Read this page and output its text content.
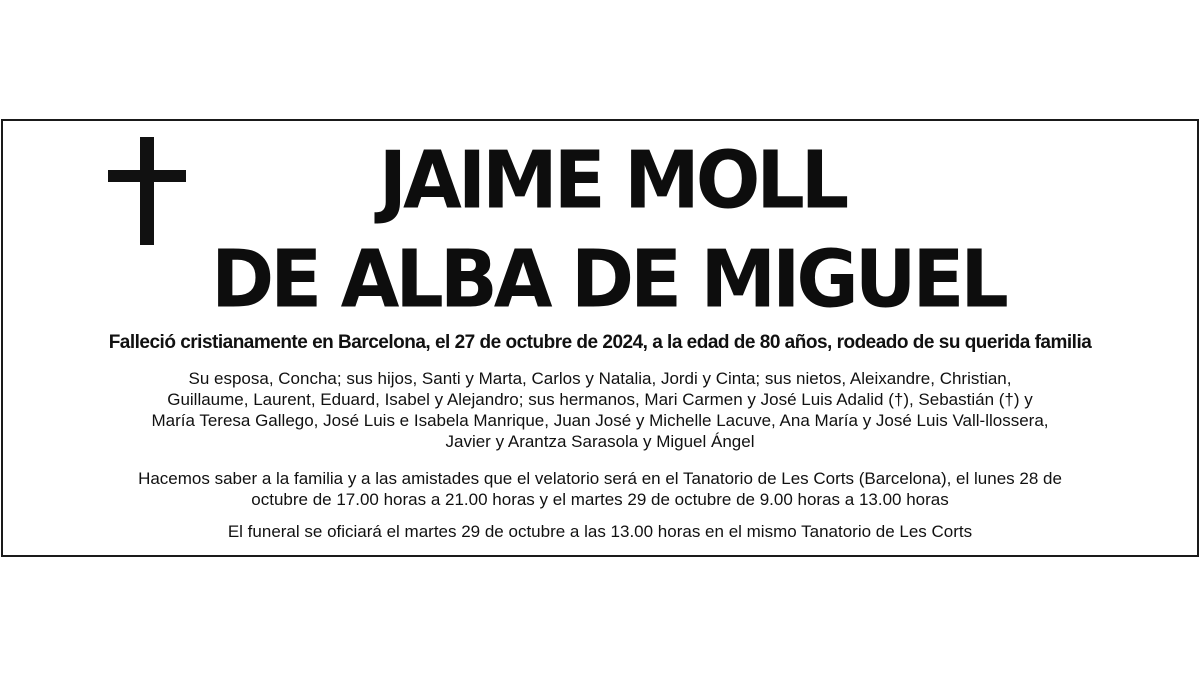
JAIME MOLL
DE ALBA DE MIGUEL
Falleció cristianamente en Barcelona, el 27 de octubre de 2024, a la edad de 80 años, rodeado de su querida familia
Su esposa, Concha; sus hijos, Santi y Marta, Carlos y Natalia, Jordi y Cinta; sus nietos, Aleixandre, Christian,
Guillaume, Laurent, Eduard, Isabel y Alejandro; sus hermanos, Mari Carmen y José Luis Adalid (†), Sebastián (†) y
María Teresa Gallego, José Luis e Isabela Manrique, Juan José y Michelle Lacuve, Ana María y José Luis Vall-llossera,
Javier y Arantza Sarasola y Miguel Ángel
Hacemos saber a la familia y a las amistades que el velatorio será en el Tanatorio de Les Corts (Barcelona), el lunes 28 de
octubre de 17.00 horas a 21.00 horas y el martes 29 de octubre de 9.00 horas a 13.00 horas
El funeral se oficiará el martes 29 de octubre a las 13.00 horas en el mismo Tanatorio de Les Corts
